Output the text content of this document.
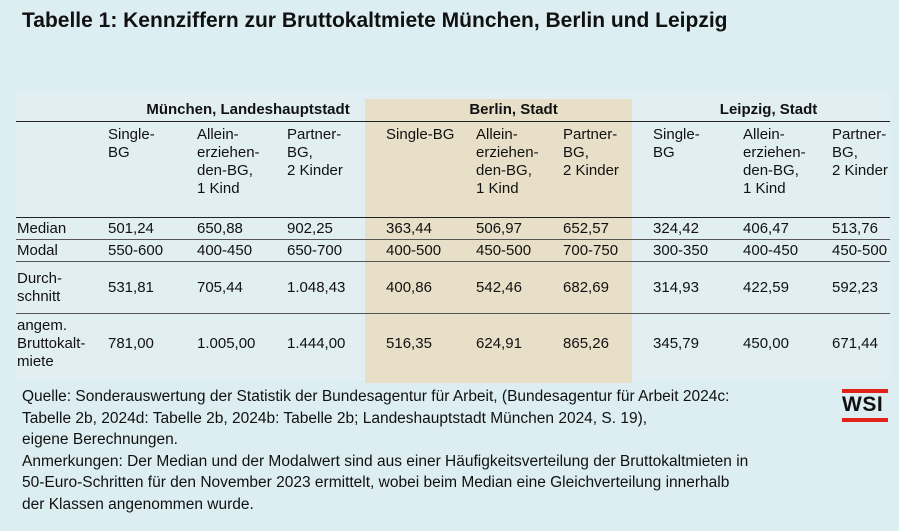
Tabelle 1: Kennziffern zur Bruttokaltmiete München, Berlin und Leipzig
	München, Landeshauptstadt			Berlin, Stadt			Leipzig, Stadt		
	Single-
BG	Allein-
erziehen-
den-BG,
1 Kind	Partner-
BG,
2 Kinder	Single-BG	Allein-
erziehen-
den-BG,
1 Kind	Partner-
BG,
2 Kinder	Single-
BG	Allein-
erziehen-
den-BG,
1 Kind	Partner-
BG,
2 Kinder
Median	501,24	650,88	902,25	363,44	506,97	652,57	324,42	406,47	513,76
Modal	550-600	400-450	650-700	400-500	450-500	700-750	300-350	400-450	450-500
Durch-
schnitt	531,81	705,44	1.048,43	400,86	542,46	682,69	314,93	422,59	592,23
angem.
Bruttokalt-
miete	781,00	1.005,00	1.444,00	516,35	624,91	865,26	345,79	450,00	671,44
Quelle: Sonderauswertung der Statistik der Bundesagentur für Arbeit, (Bundesagentur für Arbeit 2024c:
Tabelle 2b, 2024d: Tabelle 2b, 2024b: Tabelle 2b; Landeshauptstadt München 2024, S. 19),
eigene Berechnungen.
Anmerkungen: Der Median und der Modalwert sind aus einer Häufigkeitsverteilung der Bruttokaltmieten in
50-Euro-Schritten für den November 2023 ermittelt, wobei beim Median eine Gleichverteilung innerhalb
der Klassen angenommen wurde.
WSI
